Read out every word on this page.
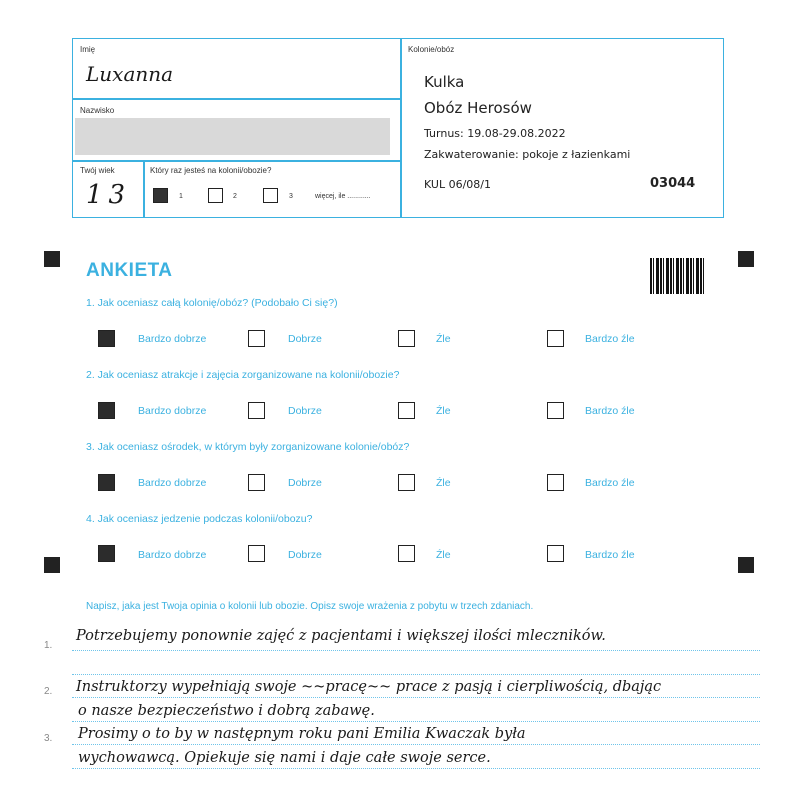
Imię
Luxanna
Nazwisko
Twój wiek
13
Który raz jesteś na kolonii/obozie?
1	2	3	więcej, ile ............
Kolonie/obóz
Kulka
Obóz Herosów
Turnus: 19.08-29.08.2022
Zakwaterowanie: pokoje z łazienkami
KUL 06/08/1	03044
ANKIETA
1. Jak oceniasz całą kolonię/obóz? (Podobało Ci się?)
Bardzo dobrze	Dobrze	Źle	Bardzo źle
2. Jak oceniasz atrakcje i zajęcia zorganizowane na kolonii/obozie?
Bardzo dobrze	Dobrze	Źle	Bardzo źle
3. Jak oceniasz ośrodek, w którym były zorganizowane kolonie/obóz?
Bardzo dobrze	Dobrze	Źle	Bardzo źle
4. Jak oceniasz jedzenie podczas kolonii/obozu?
Bardzo dobrze	Dobrze	Źle	Bardzo źle
Napisz, jaka jest Twoja opinia o kolonii lub obozie. Opisz swoje wrażenia z pobytu w trzech zdaniach.
1.
2.
3.
Potrzebujemy ponownie zajęć z pacjentami i większej ilości mleczników.
Instruktorzy wypełniają swoje ~~pracę~~ prace z pasją i cierpliwością, dbając
o nasze bezpieczeństwo i dobrą zabawę.
Prosimy o to by w następnym roku pani Emilia Kwaczak była
wychowawcą. Opiekuje się nami i daje całe swoje serce.
